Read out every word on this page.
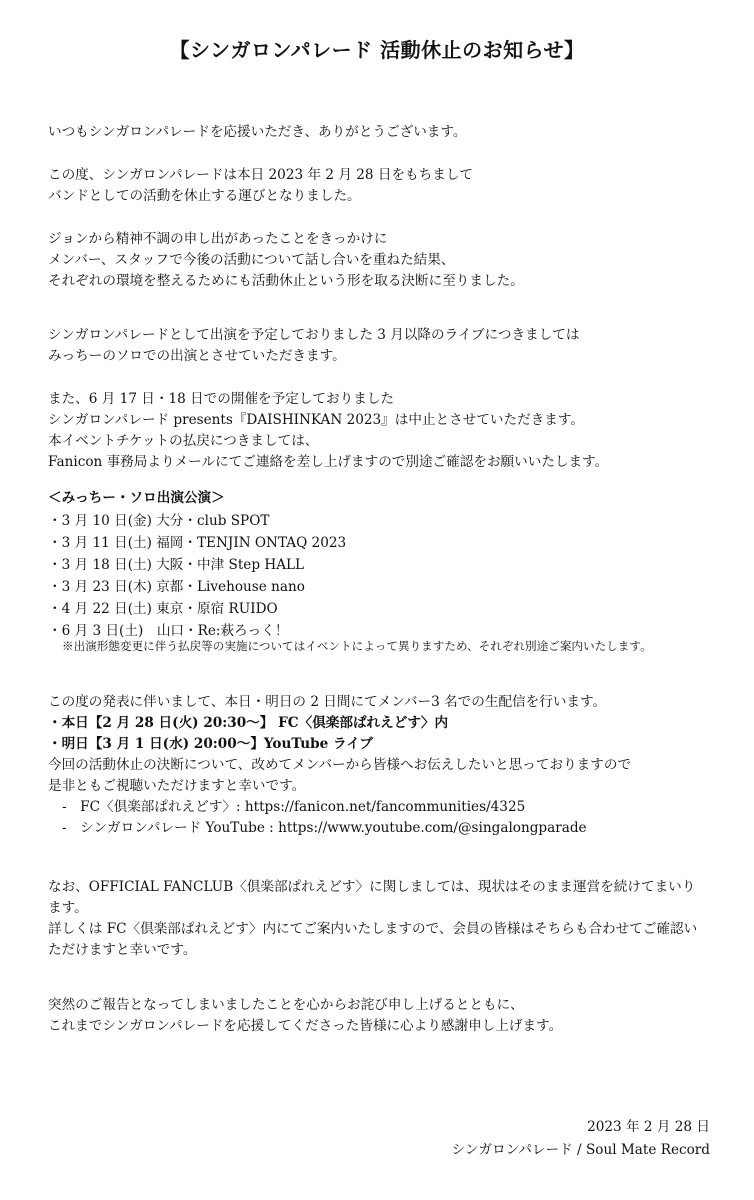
【シンガロンパレード 活動休止のお知らせ】
いつもシンガロンパレードを応援いただき、ありがとうございます。
この度、シンガロンパレードは本日 2023 年 2 月 28 日をもちまして
バンドとしての活動を休止する運びとなりました。
ジョンから精神不調の申し出があったことをきっかけに
メンバー、スタッフで今後の活動について話し合いを重ねた結果、
それぞれの環境を整えるためにも活動休止という形を取る決断に至りました。
シンガロンパレードとして出演を予定しておりました 3 月以降のライブにつきましては
みっちーのソロでの出演とさせていただきます。
また、6 月 17 日・18 日での開催を予定しておりました
シンガロンパレード presents『DAISHINKAN 2023』は中止とさせていただきます。
本イベントチケットの払戻につきましては、
Fanicon 事務局よりメールにてご連絡を差し上げますので別途ご確認をお願いいたします。
＜みっちー・ソロ出演公演＞
・3 月 10 日(金) 大分・club SPOT
・3 月 11 日(土) 福岡・TENJIN ONTAQ 2023
・3 月 18 日(土) 大阪・中津 Step HALL
・3 月 23 日(木) 京都・Livehouse nano
・4 月 22 日(土) 東京・原宿 RUIDO
・6 月 3 日(土)　山口・Re:萩ろっく！
※出演形態変更に伴う払戻等の実施についてはイベントによって異りますため、それぞれ別途ご案内いたします。
この度の発表に伴いまして、本日・明日の 2 日間にてメンバー3 名での生配信を行います。
・本日【2 月 28 日(火) 20:30～】 FC〈倶楽部ぱれえどす〉内
・明日【3 月 1 日(水) 20:00～】YouTube ライブ
今回の活動休止の決断について、改めてメンバーから皆様へお伝えしたいと思っておりますので
是非ともご視聴いただけますと幸いです。
-　FC〈倶楽部ぱれえどす〉: https://fanicon.net/fancommunities/4325
-　シンガロンパレード YouTube : https://www.youtube.com/@singalongparade
なお、OFFICIAL FANCLUB〈倶楽部ぱれえどす〉に関しましては、現状はそのまま運営を続けてまいり
ます。
詳しくは FC〈倶楽部ぱれえどす〉内にてご案内いたしますので、会員の皆様はそちらも合わせてご確認い
ただけますと幸いです。
突然のご報告となってしまいましたことを心からお詫び申し上げるとともに、
これまでシンガロンパレードを応援してくださった皆様に心より感謝申し上げます。
2023 年 2 月 28 日
シンガロンパレード / Soul Mate Record
